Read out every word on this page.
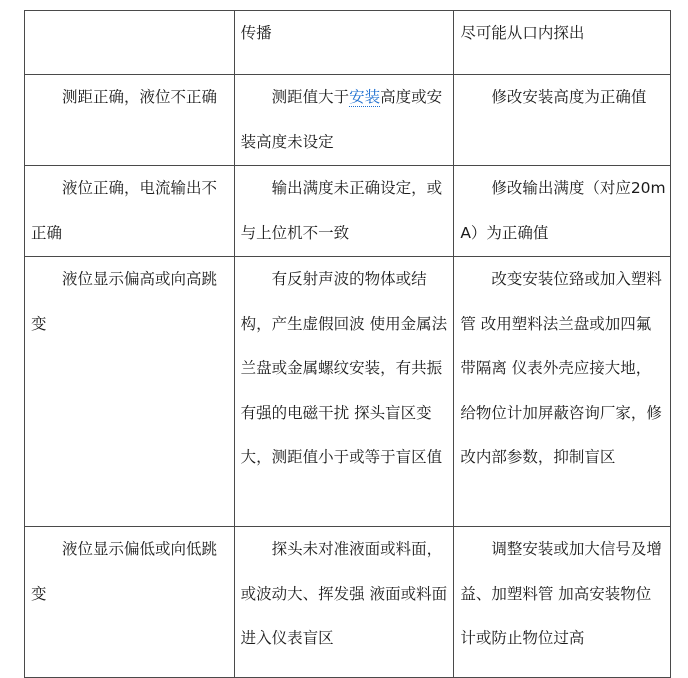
	传播	尽可能从口内探出
测距正确，液位不正确	测距值大于安装高度或安装高度未设定	修改安装高度为正确值
液位正确，电流输出不正确	输出满度未正确设定，或与上位机不一致	修改输出满度（对应20mA）为正确值
液位显示偏高或向高跳变	有反射声波的物体或结构，产生虚假回波 使用金属法兰盘或金属螺纹安装，有共振 有强的电磁干扰 探头盲区变大，测距值小于或等于盲区值	改变安装位臵或加入塑料管 改用塑料法兰盘或加四氟带隔离 仪表外壳应接大地，给物位计加屏蔽咨询厂家，修改内部参数，抑制盲区
液位显示偏低或向低跳变	探头未对准液面或料面，或波动大、挥发强 液面或料面进入仪表盲区	调整安装或加大信号及增益、加塑料管 加高安装物位计或防止物位过高
